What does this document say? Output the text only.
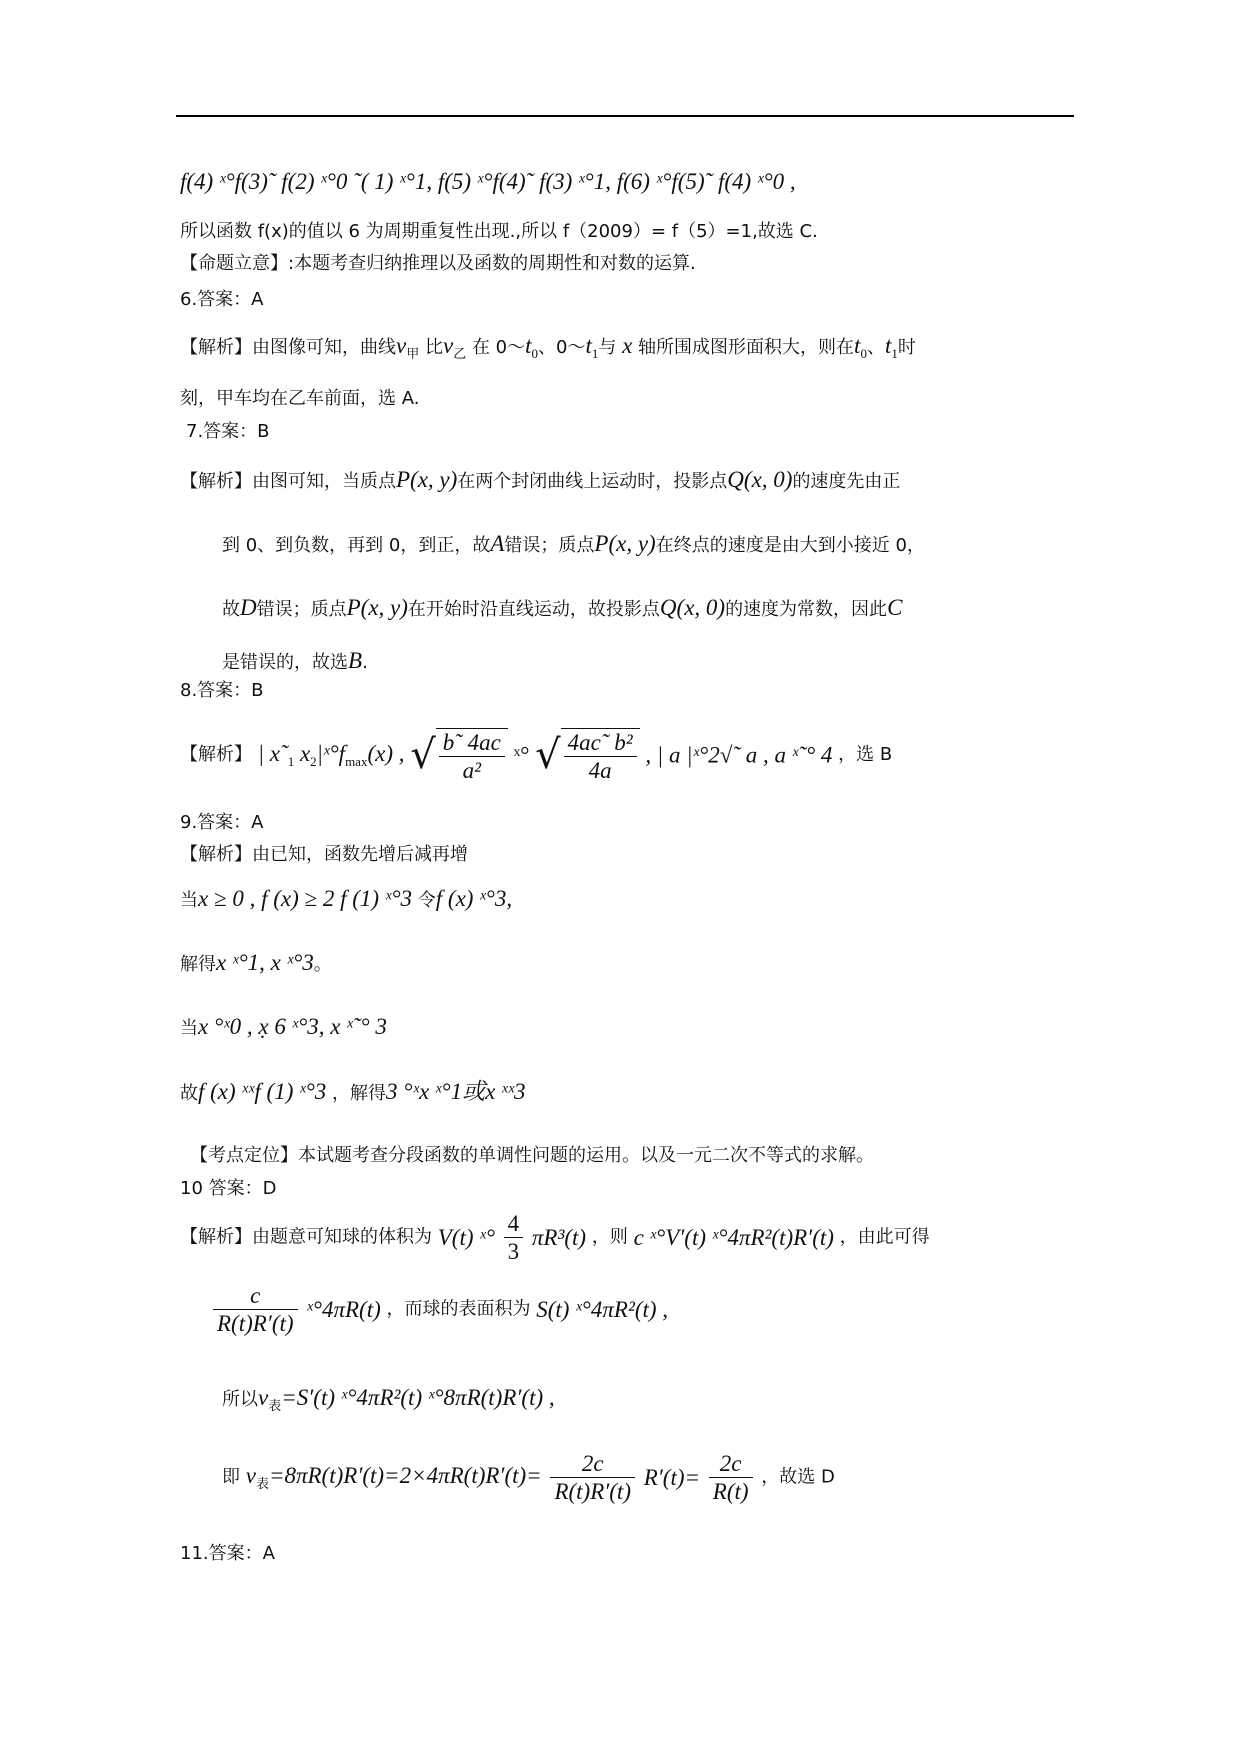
f(4) ˣ°f(3)˜ f(2) ˣ°0 ˜( 1) ˣ°1, f(5) ˣ°f(4)˜ f(3) ˣ°1, f(6) ˣ°f(5)˜ f(4) ˣ°0 ,
所以函数 f(x)的值以 6 为周期重复性出现.,所以 f（2009）= f（5）=1,故选 C.
【命题立意】:本题考查归纳推理以及函数的周期性和对数的运算.
6.答案：A
【解析】由图像可知，曲线$v_甲$ 比$v_乙$ 在 $0\sim t_0$、$0\sim t_1$与 x 轴所围成图形面积大，则在$t_0$、$t_1$时
刻，甲车均在乙车前面，选 A.
7.答案：B
【解析】由图可知，当质点P(x, y)在两个封闭曲线上运动时，投影点Q(x, 0)的速度先由正
到 0、到负数，再到 0，到正，故A错误；质点P(x, y)在终点的速度是由大到小接近 0，
故D错误；质点P(x, y)在开始时沿直线运动，故投影点Q(x, 0)的速度为常数，因此C
是错误的，故选B.
8.答案：B
【解析】 | $x˜_1$ $x_2|ˣ^\circ f_{max}(x)$ , √ $\frac{b˜ 4ac}{\text{a²}}$ ˣ° √ $\frac{\text{4ac˜ b²}}{4a}$ , | a |ˣ°2√˜ a , a ˣ˜° 4 ，选 B
9.答案：A
【解析】由已知，函数先增后减再增
当x ≥ 0 , f (x) ≥ 2 f (1) ˣ°3 令f (x) ˣ°3,
解得x ˣ°1, x ˣ°3。
当x °ˣ0 , x̣ 6 ˣ°3, x ˣ˜° 3
故f (x) ˣˣf (1) ˣ°3 ，解得3 °ˣx ˣ°1或x ˣˣ3
【考点定位】本试题考查分段函数的单调性问题的运用。以及一元二次不等式的求解。
10 答案：D
【解析】由题意可知球的体积为 V(t) ˣ° $\frac{4}{3} \pi R^3(t)$ ，则 c ˣ°V′(t) ˣ°4πR²(t)R′(t) ，由此可得
$\frac{c}{R(t)R'(t)}$ ˣ°4πR(t) ，而球的表面积为 S(t) ˣ°4πR²(t) ,
所以$v_表=S'(t)$ ˣ°4πR²(t) ˣ°8πR(t)R′(t) ,
即 $v_表=8\pi R(t)R'(t)=2\times 4\pi R(t)R'(t)= \frac{2c}{R(t)R'(t)} R'(t)= \frac{2c}{R(t)}$ ，故选 D
11.答案：A
